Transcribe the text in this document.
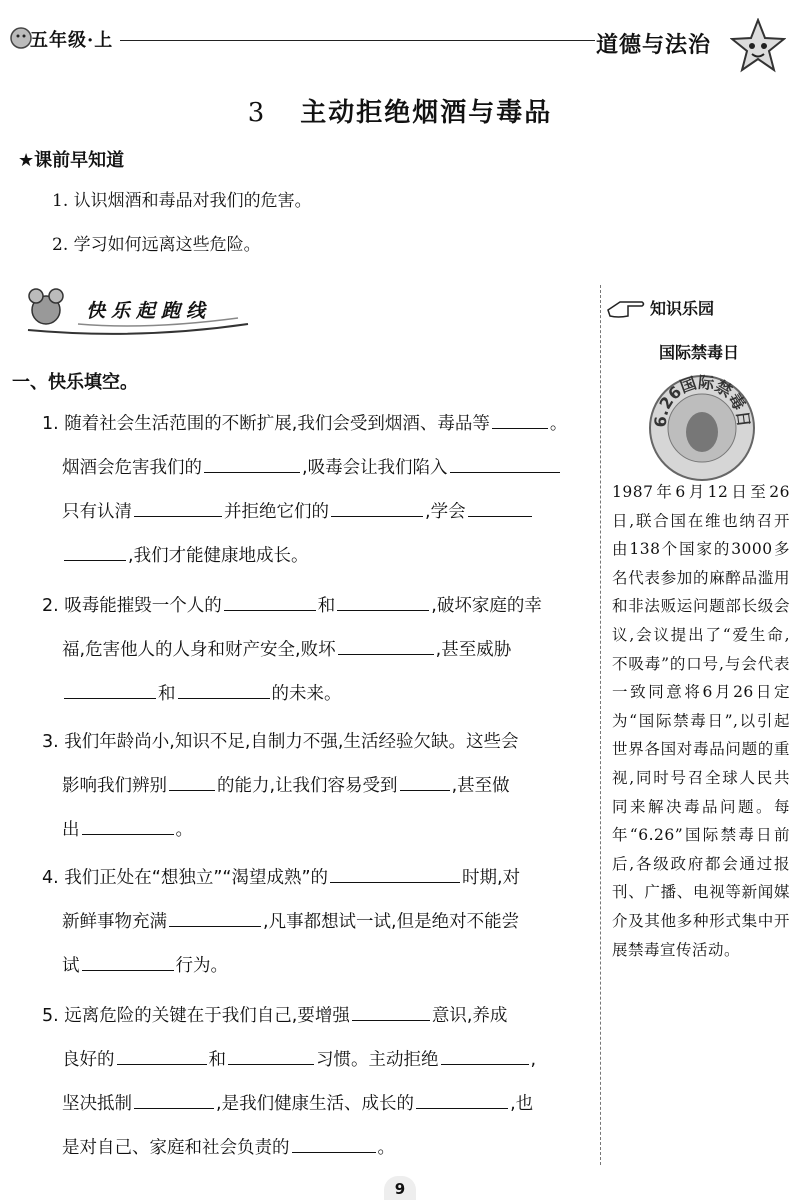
五年级·上	道德与法治
3 主动拒绝烟酒与毒品
★课前早知道
1. 认识烟酒和毒品对我们的危害。
2. 学习如何远离这些危险。
快乐起跑线
一、快乐填空。
1. 随着社会生活范围的不断扩展,我们会受到烟酒、毒品等	。
烟酒会危害我们的	,吸毒会让我们陷入
只有认清	并拒绝它们的	,学会
,我们才能健康地成长。
2. 吸毒能摧毁一个人的	和	,破坏家庭的幸
福,危害他人的人身和财产安全,败坏	,甚至威胁
和	的未来。
3. 我们年龄尚小,知识不足,自制力不强,生活经验欠缺。这些会
影响我们辨别	的能力,让我们容易受到	,甚至做
出	。
4. 我们正处在“想独立”“渴望成熟”的	时期,对
新鲜事物充满	,凡事都想试一试,但是绝对不能尝
试	行为。
5. 远离危险的关键在于我们自己,要增强	意识,养成
良好的	和	习惯。主动拒绝	,
坚决抵制	,是我们健康生活、成长的	,也
是对自己、家庭和社会负责的	。
知识乐园
国际禁毒日
6.26国际禁毒日
1987年6月12日至26日,联合国在维也纳召开由138个国家的3000多名代表参加的麻醉品滥用和非法贩运问题部长级会议,会议提出了“爱生命,不吸毒”的口号,与会代表一致同意将6月26日定为“国际禁毒日”,以引起世界各国对毒品问题的重视,同时号召全球人民共同来解决毒品问题。每年“6.26”国际禁毒日前后,各级政府都会通过报刊、广播、电视等新闻媒介及其他多种形式集中开展禁毒宣传活动。
9
